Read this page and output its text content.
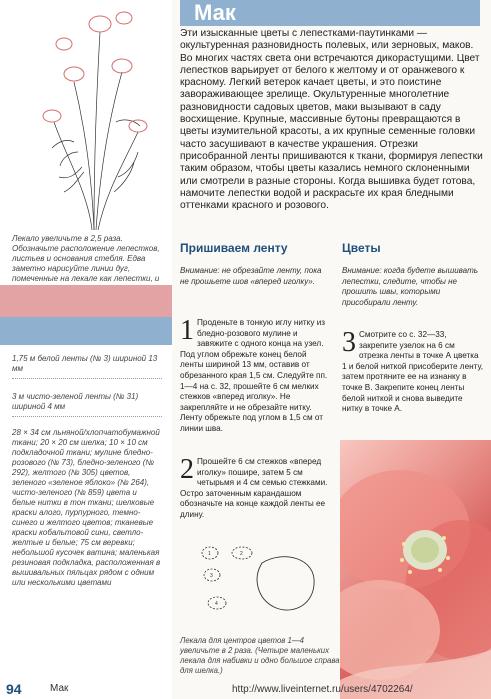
Лекало увеличьте в 2,5 раза. Обозначьте расположение лепестков, листьев и основания стебля. Едва заметно нарисуйте линии дуг, помеченные на лекале как лепестки, и
1,75 м белой ленты (№ 3) шириной 13 мм
3 м чисто-зеленой ленты (№ 31) шириной 4 мм
28 × 34 см льняной/хлопчатобумажной ткани; 20 × 20 см шелка; 10 × 10 см подкладочной ткани; мулине бледно-розового (№ 73), бледно-зеленого (№ 292), желтого (№ 305) цветов, зеленого «зеленое яблоко» (№ 264), чисто-зеленого (№ 859) цвета и белые нитки в тон ткани; шелковые краски алого, пурпурного, темно-синего и желтого цветов; тканевые краски кобальтовой сини, светло-желтые и белые; 75 см веревки; небольшой кусочек ватина; маленькая резиновая подкладка, расположенная в вышивальных пяльцах рядом с одним или несколькими цветами
Мак
Эти изысканные цветы с лепестками-паутинками — окультуренная разновидность полевых, или зерновых, маков. Во многих частях света они встречаются дикорастущими. Цвет лепестков варьирует от белого к желтому и от оранжевого к красному. Легкий ветерок качает цветы, и это поистине завораживающее зрелище. Окультуренные многолетние разновидности садовых цветов, маки вызывают в саду восхищение. Крупные, массивные бутоны превращаются в цветы изумительной красоты, а их крупные семенные головки часто засушивают в качестве украшения. Отрезки присобранной ленты пришиваются к ткани, формируя лепестки таким образом, чтобы цветы казались немного склоненными или смотрели в разные стороны. Когда вышивка будет готова, намочите лепестки водой и раскрасьте их края бледными оттенками красного и розового.
Пришиваем ленту
Внимание: не обрезайте ленту, пока не прошьете шов «вперед иголку».
1 Проденьте в тонкую иглу нитку из бледно-розового мулине и завяжите с одного конца на узел. Под углом обрежьте конец белой ленты шириной 13 мм, оставив от обрезанного края 1,5 см. Следуйте пп. 1—4 на с. 32, прошейте 6 см мелких стежков «вперед иголку». Не закрепляйте и не обрезайте нитку. Ленту обрежьте под углом в 1,5 см от линии шва.
2 Прошейте 6 см стежков «вперед иголку» пошире, затем 5 см четырьмя и 4 см семью стежками. Остро заточенным карандашом обозначьте на конце каждой ленты ее длину.
1	2
3
4
Лекала для центров цветов 1—4 увеличьте в 2 раза. (Четыре маленьких лекала для набивки и одно большое справа для шелка.)
Цветы
Внимание: когда будете вышивать лепестки, следите, чтобы не прошить швы, которыми присобирали ленту.
3 Смотрите со с. 32—33, закрепите узелок на 6 см отрезка ленты в точке А цветка 1 и белой ниткой присоберите ленту, затем протяните ее на изнанку в точке В. Закрепите конец ленты белой ниткой и снова выведите нитку в точке А.
94	Мак	http://www.liveinternet.ru/users/4702264/
